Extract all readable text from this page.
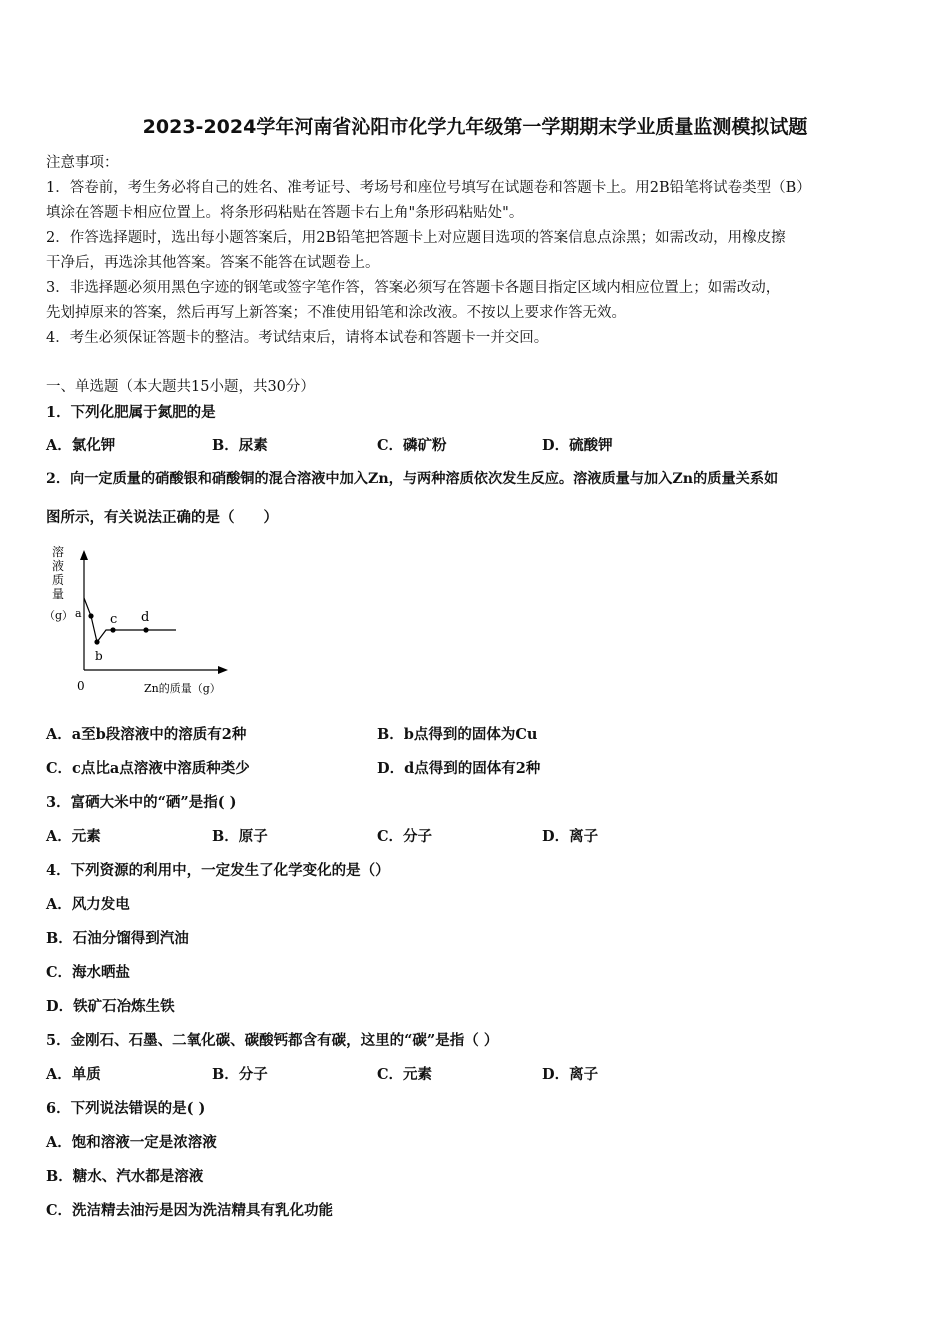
2023-2024学年河南省沁阳市化学九年级第一学期期末学业质量监测模拟试题
注意事项：
1．答卷前，考生务必将自己的姓名、准考证号、考场号和座位号填写在试题卷和答题卡上。用2B铅笔将试卷类型（B）
填涂在答题卡相应位置上。将条形码粘贴在答题卡右上角"条形码粘贴处"。
2．作答选择题时，选出每小题答案后，用2B铅笔把答题卡上对应题目选项的答案信息点涂黑；如需改动，用橡皮擦
干净后，再选涂其他答案。答案不能答在试题卷上。
3．非选择题必须用黑色字迹的钢笔或签字笔作答，答案必须写在答题卡各题目指定区域内相应位置上；如需改动，
先划掉原来的答案，然后再写上新答案；不准使用铅笔和涂改液。不按以上要求作答无效。
4．考生必须保证答题卡的整洁。考试结束后，请将本试卷和答题卡一并交回。
一、单选题（本大题共15小题，共30分）
1．下列化肥属于氮肥的是
A．氯化钾	B．尿素	C．磷矿粉	D．硫酸钾
2．向一定质量的硝酸银和硝酸铜的混合溶液中加入Zn，与两种溶质依次发生反应。溶液质量与加入Zn的质量关系如
图所示，有关说法正确的是（　　）
溶
液
质
量
（g） a
b
c d
0	Zn的质量（g）
A．a至b段溶液中的溶质有2种	B．b点得到的固体为Cu
C．c点比a点溶液中溶质种类少	D．d点得到的固体有2种
3．富硒大米中的“硒”是指( )
A．元素	B．原子	C．分子	D．离子
4．下列资源的利用中，一定发生了化学变化的是（）
A．风力发电
B．石油分馏得到汽油
C．海水晒盐
D．铁矿石冶炼生铁
5．金刚石、石墨、二氧化碳、碳酸钙都含有碳，这里的“碳”是指（ ）
A．单质	B．分子	C．元素	D．离子
6．下列说法错误的是( )
A．饱和溶液一定是浓溶液
B．糖水、汽水都是溶液
C．洗洁精去油污是因为洗洁精具有乳化功能
